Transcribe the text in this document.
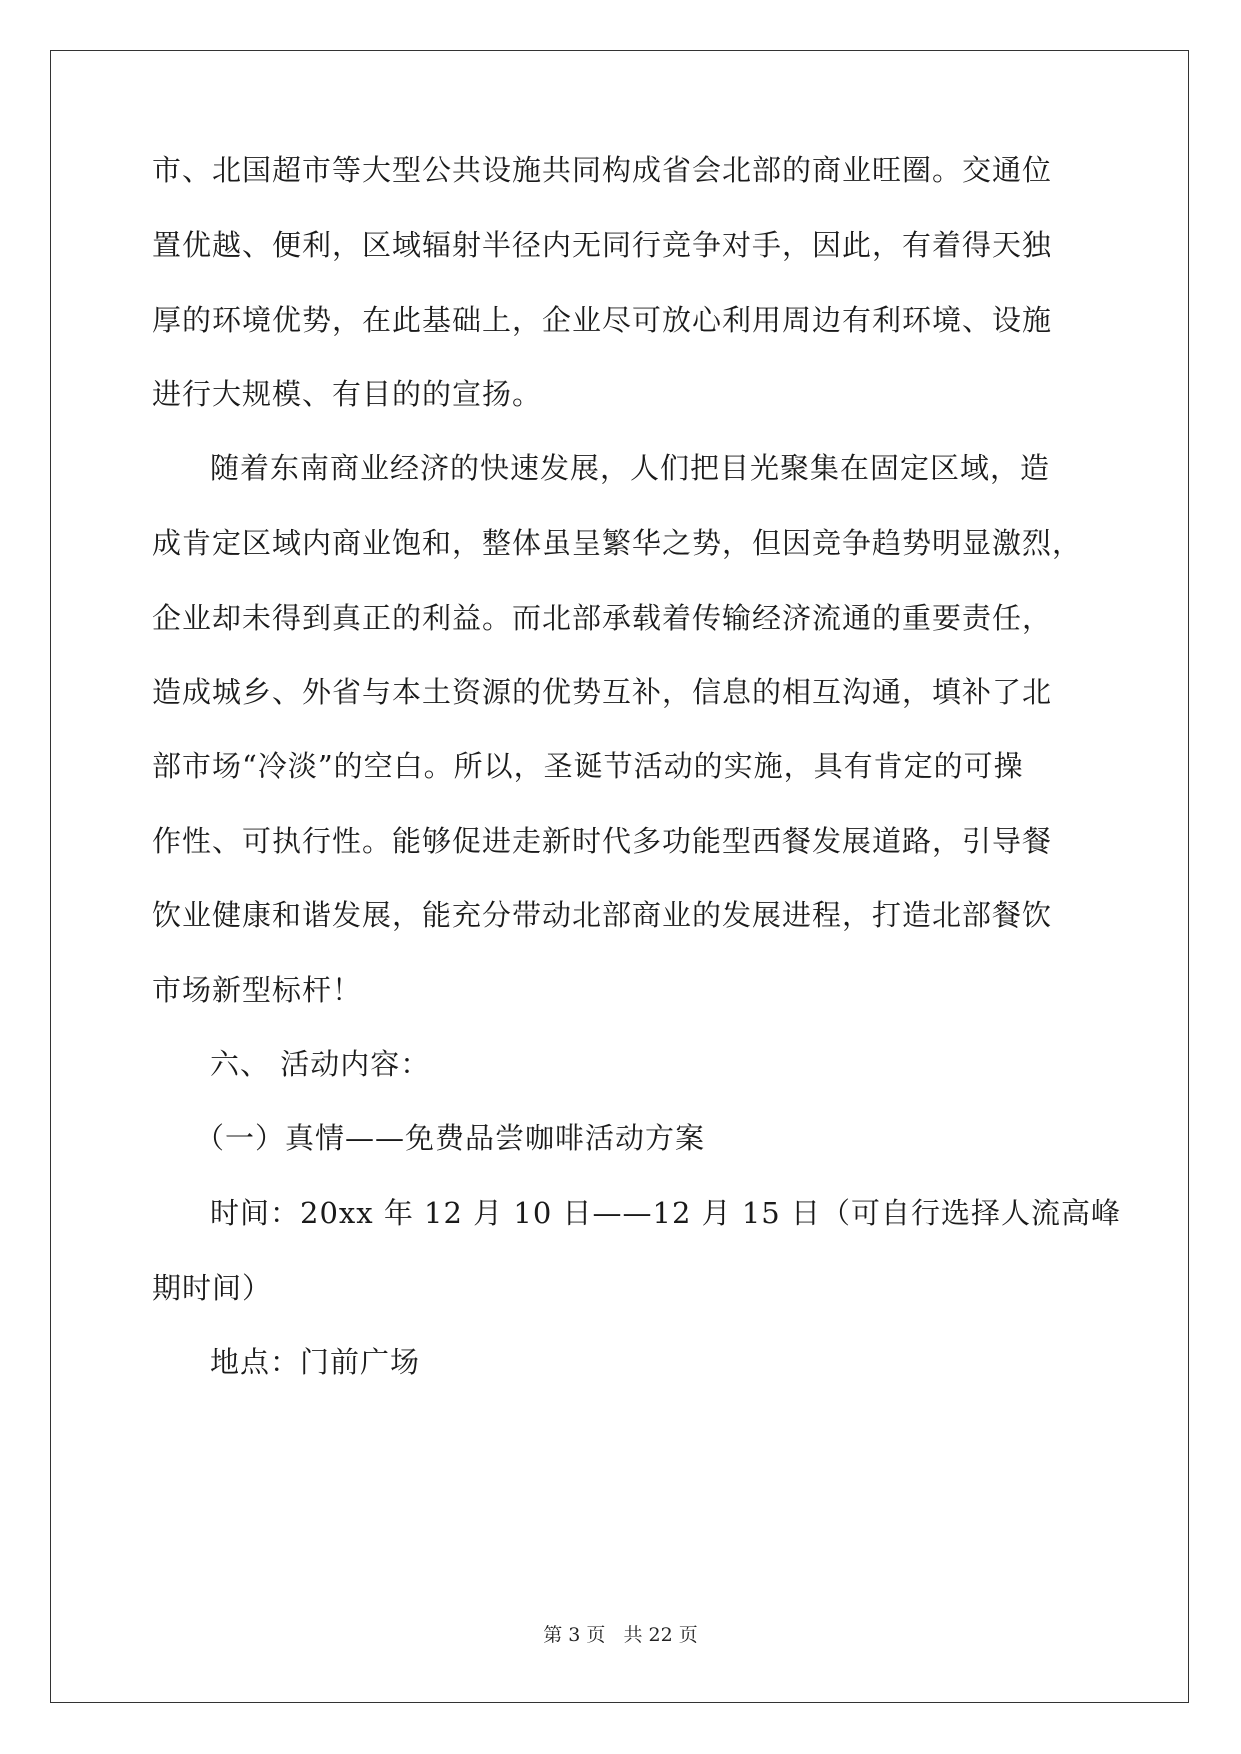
市、北国超市等大型公共设施共同构成省会北部的商业旺圈。交通位
置优越、便利，区域辐射半径内无同行竞争对手，因此，有着得天独
厚的环境优势，在此基础上，企业尽可放心利用周边有利环境、设施
进行大规模、有目的的宣扬。
随着东南商业经济的快速发展，人们把目光聚集在固定区域，造
成肯定区域内商业饱和，整体虽呈繁华之势，但因竞争趋势明显激烈，
企业却未得到真正的利益。而北部承载着传输经济流通的重要责任，
造成城乡、外省与本土资源的优势互补，信息的相互沟通，填补了北
部市场“冷淡”的空白。所以，圣诞节活动的实施，具有肯定的可操
作性、可执行性。能够促进走新时代多功能型西餐发展道路，引导餐
饮业健康和谐发展，能充分带动北部商业的发展进程，打造北部餐饮
市场新型标杆！
六、 活动内容：
（一）真情——免费品尝咖啡活动方案
时间：20xx 年 12 月 10 日——12 月 15 日（可自行选择人流高峰
期时间）
地点：门前广场
第 3 页 共 22 页
